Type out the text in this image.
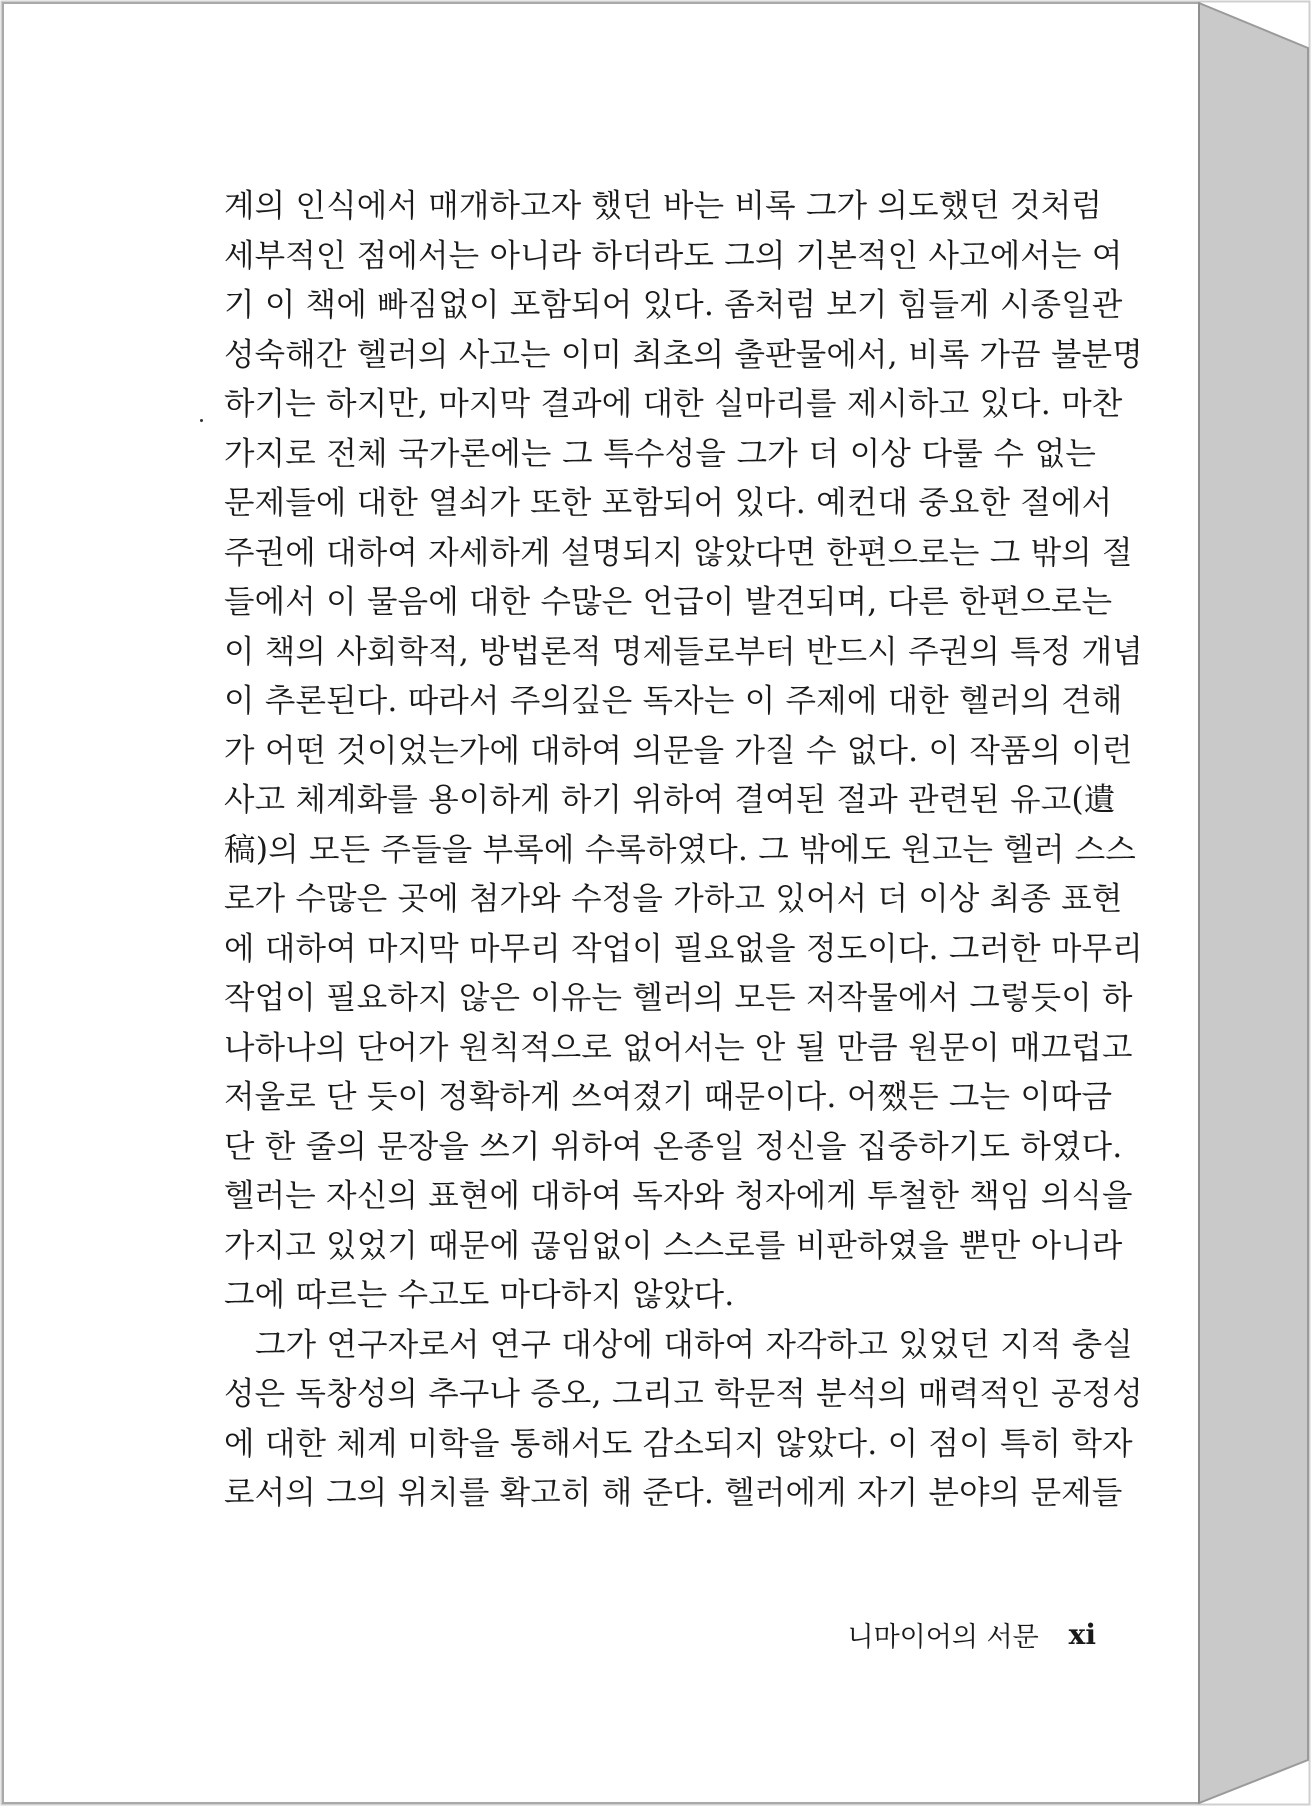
계의 인식에서 매개하고자 했던 바는 비록 그가 의도했던 것처럼
세부적인 점에서는 아니라 하더라도 그의 기본적인 사고에서는 여
기 이 책에 빠짐없이 포함되어 있다. 좀처럼 보기 힘들게 시종일관
성숙해간 헬러의 사고는 이미 최초의 출판물에서, 비록 가끔 불분명
하기는 하지만, 마지막 결과에 대한 실마리를 제시하고 있다. 마찬
가지로 전체 국가론에는 그 특수성을 그가 더 이상 다룰 수 없는
문제들에 대한 열쇠가 또한 포함되어 있다. 예컨대 중요한 절에서
주권에 대하여 자세하게 설명되지 않았다면 한편으로는 그 밖의 절
들에서 이 물음에 대한 수많은 언급이 발견되며, 다른 한편으로는
이 책의 사회학적, 방법론적 명제들로부터 반드시 주권의 특정 개념
이 추론된다. 따라서 주의깊은 독자는 이 주제에 대한 헬러의 견해
가 어떤 것이었는가에 대하여 의문을 가질 수 없다. 이 작품의 이런
사고 체계화를 용이하게 하기 위하여 결여된 절과 관련된 유고(遺
稿)의 모든 주들을 부록에 수록하였다. 그 밖에도 원고는 헬러 스스
로가 수많은 곳에 첨가와 수정을 가하고 있어서 더 이상 최종 표현
에 대하여 마지막 마무리 작업이 필요없을 정도이다. 그러한 마무리
작업이 필요하지 않은 이유는 헬러의 모든 저작물에서 그렇듯이 하
나하나의 단어가 원칙적으로 없어서는 안 될 만큼 원문이 매끄럽고
저울로 단 듯이 정확하게 쓰여졌기 때문이다. 어쨌든 그는 이따금
단 한 줄의 문장을 쓰기 위하여 온종일 정신을 집중하기도 하였다.
헬러는 자신의 표현에 대하여 독자와 청자에게 투철한 책임 의식을
가지고 있었기 때문에 끊임없이 스스로를 비판하였을 뿐만 아니라
그에 따르는 수고도 마다하지 않았다.
그가 연구자로서 연구 대상에 대하여 자각하고 있었던 지적 충실
성은 독창성의 추구나 증오, 그리고 학문적 분석의 매력적인 공정성
에 대한 체계 미학을 통해서도 감소되지 않았다. 이 점이 특히 학자
로서의 그의 위치를 확고히 해 준다. 헬러에게 자기 분야의 문제들
니마이어의 서문 xi
